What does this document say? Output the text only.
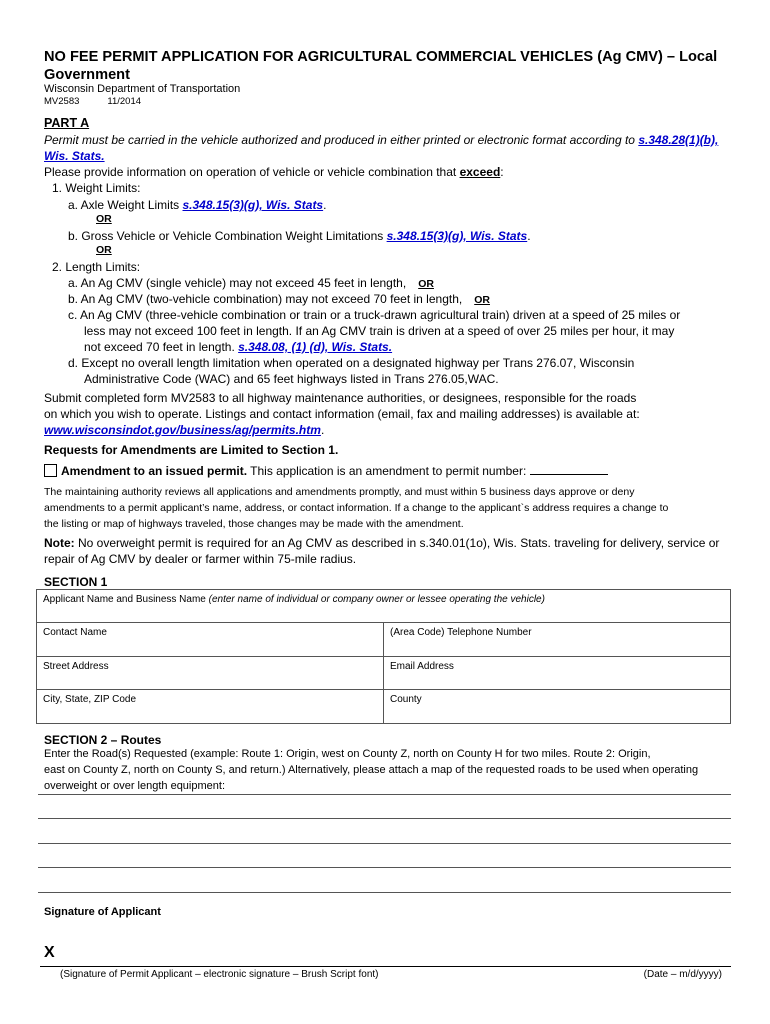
NO FEE PERMIT APPLICATION FOR AGRICULTURAL COMMERCIAL VEHICLES (Ag CMV) – Local Government
Wisconsin Department of Transportation
MV2583	11/2014
PART A
Permit must be carried in the vehicle authorized and produced in either printed or electronic format according to s.348.28(1)(b), Wis. Stats.
Please provide information on operation of vehicle or vehicle combination that exceed:
1. Weight Limits:
a. Axle Weight Limits s.348.15(3)(g), Wis. Stats.
OR
b. Gross Vehicle or Vehicle Combination Weight Limitations s.348.15(3)(g), Wis. Stats.
OR
2. Length Limits:
a. An Ag CMV (single vehicle) may not exceed 45 feet in length, OR
b. An Ag CMV (two-vehicle combination) may not exceed 70 feet in length, OR
c. An Ag CMV (three-vehicle combination or train or a truck-drawn agricultural train) driven at a speed of 25 miles or
less may not exceed 100 feet in length. If an Ag CMV train is driven at a speed of over 25 miles per hour, it may
not exceed 70 feet in length. s.348.08, (1) (d), Wis. Stats.
d. Except no overall length limitation when operated on a designated highway per Trans 276.07, Wisconsin
Administrative Code (WAC) and 65 feet highways listed in Trans 276.05,WAC.
Submit completed form MV2583 to all highway maintenance authorities, or designees, responsible for the roads
on which you wish to operate. Listings and contact information (email, fax and mailing addresses) is available at:
www.wisconsindot.gov/business/ag/permits.htm.
Requests for Amendments are Limited to Section 1.
Amendment to an issued permit. This application is an amendment to permit number:
The maintaining authority reviews all applications and amendments promptly, and must within 5 business days approve or deny
amendments to a permit applicant’s name, address, or contact information. If a change to the applicant`s address requires a change to
the listing or map of highways traveled, those changes may be made with the amendment.
Note: No overweight permit is required for an Ag CMV as described in s.340.01(1o), Wis. Stats. traveling for delivery, service or
repair of Ag CMV by dealer or farmer within 75-mile radius.
SECTION 1
Applicant Name and Business Name (enter name of individual or company owner or lessee operating the vehicle)
Contact Name	(Area Code) Telephone Number
Street Address	Email Address
City, State, ZIP Code	County
SECTION 2 – Routes
Enter the Road(s) Requested (example: Route 1: Origin, west on County Z, north on County H for two miles. Route 2: Origin,
east on County Z, north on County S, and return.) Alternatively, please attach a map of the requested roads to be used when operating
overweight or over length equipment:
Signature of Applicant
X
(Signature of Permit Applicant – electronic signature – Brush Script font)	(Date – m/d/yyyy)
